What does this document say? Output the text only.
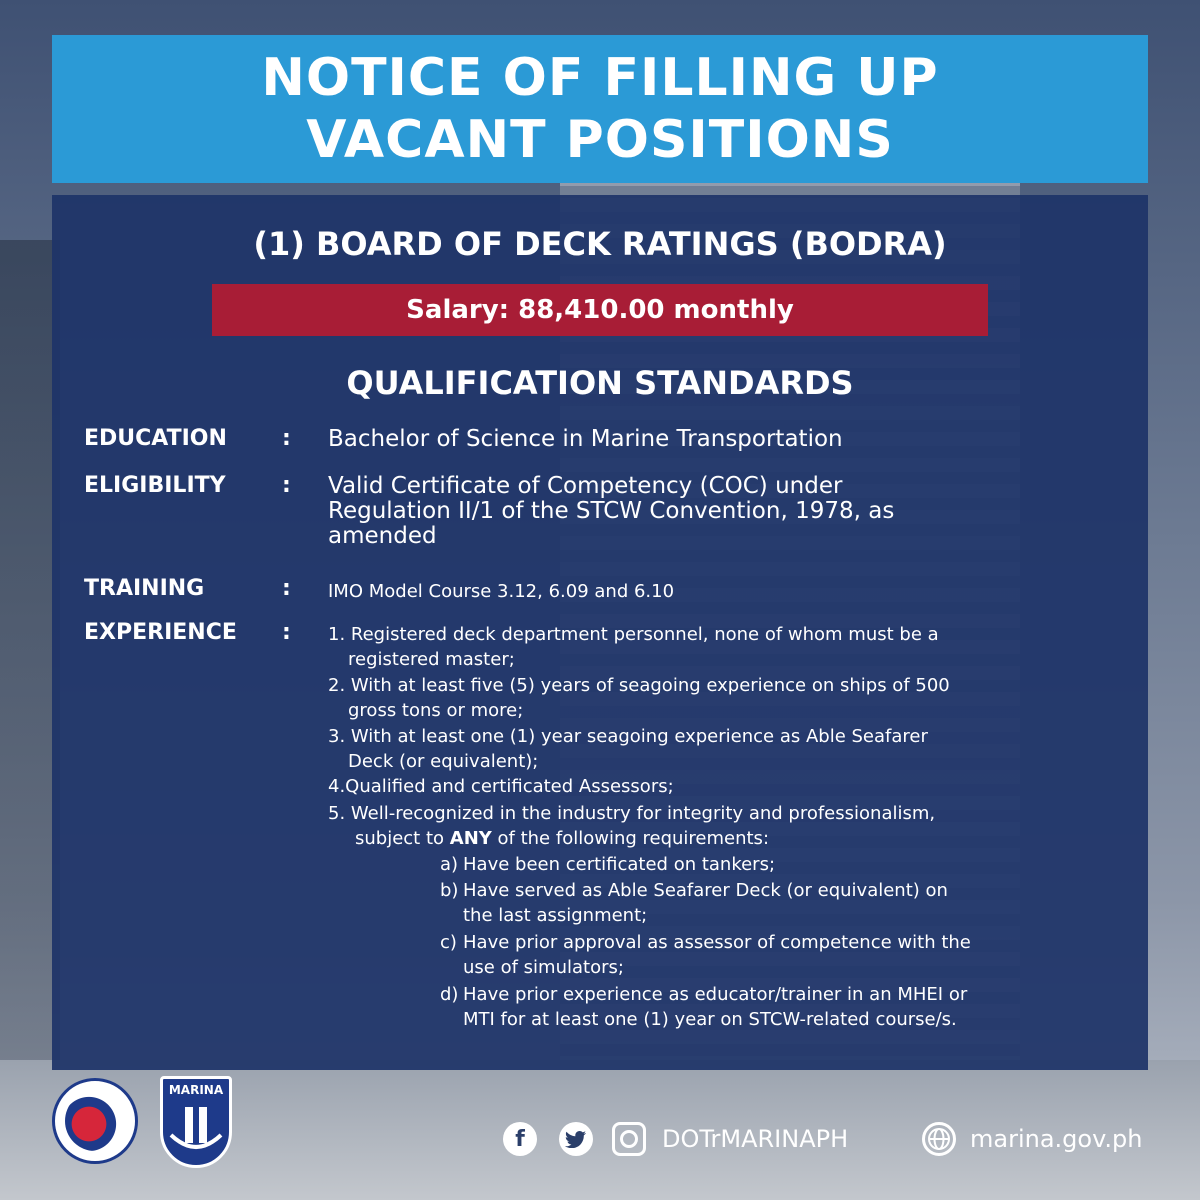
NOTICE OF FILLING UP
VACANT POSITIONS
(1) BOARD OF DECK RATINGS (BODRA)
Salary: 88,410.00 monthly
QUALIFICATION STANDARDS
EDUCATION	: Bachelor of Science in Marine Transportation
ELIGIBILITY	: Valid Certificate of Competency (COC) under
Regulation II/1 of the STCW Convention, 1978, as
amended
TRAINING	: IMO Model Course 3.12, 6.09 and 6.10
EXPERIENCE : 1. Registered deck department personnel, none of whom must be a
registered master;
2. With at least five (5) years of seagoing experience on ships of 500
gross tons or more;
3. With at least one (1) year seagoing experience as Able Seafarer
Deck (or equivalent);
4.Qualified and certificated Assessors;
5. Well-recognized in the industry for integrity and professionalism,
subject to ANY of the following requirements:
a) Have been certificated on tankers;
b) Have served as Able Seafarer Deck (or equivalent) on
the last assignment;
c) Have prior approval as assessor of competence with the
use of simulators;
d) Have prior experience as educator/trainer in an MHEI or
MTI for at least one (1) year on STCW-related course/s.
MARINA
f	DOTrMARINAPH	marina.gov.ph
